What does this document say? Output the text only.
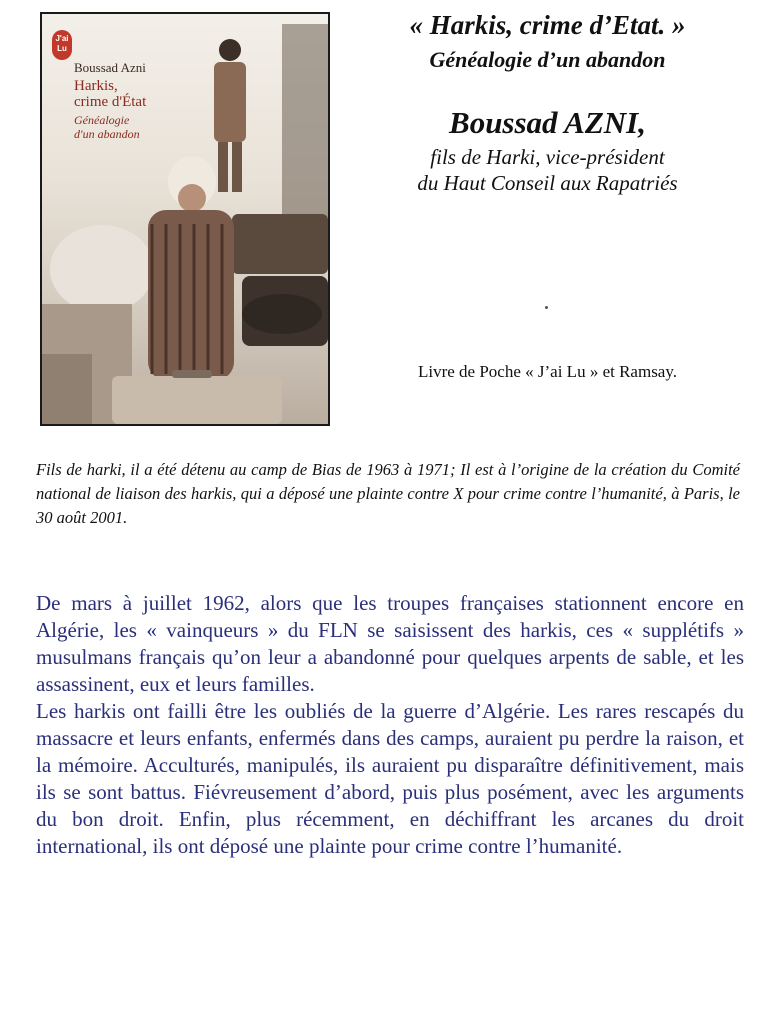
J'ai
Lu
Boussad Azni
Harkis,
crime d'État
Généalogie
d'un abandon
« Harkis, crime d’Etat. »
Généalogie d’un abandon
Boussad AZNI,
fils de Harki, vice-président
du Haut Conseil aux Rapatriés
Livre de Poche « J’ai Lu » et Ramsay.

Fils de harki, il a été détenu au camp de Bias de 1963 à 1971; Il est à l’origine de la création du Comité national de liaison des harkis, qui a déposé une plainte contre X pour crime contre l’humanité, à Paris, le 30 août 2001.

De mars à juillet 1962, alors que les troupes françaises stationnent encore en Algérie, les « vainqueurs » du FLN se saisissent des harkis, ces « supplétifs » musulmans français qu’on leur a abandonné pour quelques arpents de sable, et les assassinent, eux et leurs familles.

Les harkis ont failli être les oubliés de la guerre d’Algérie. Les rares rescapés du massacre et leurs enfants, enfermés dans des camps, auraient pu perdre la raison, et la mémoire. Acculturés, manipulés, ils auraient pu disparaître définitivement, mais ils se sont battus. Fiévreusement d’abord, puis plus posément, avec les arguments du bon droit. Enfin, plus récemment, en déchiffrant les arcanes du droit international, ils ont déposé une plainte pour crime contre l’humanité.
